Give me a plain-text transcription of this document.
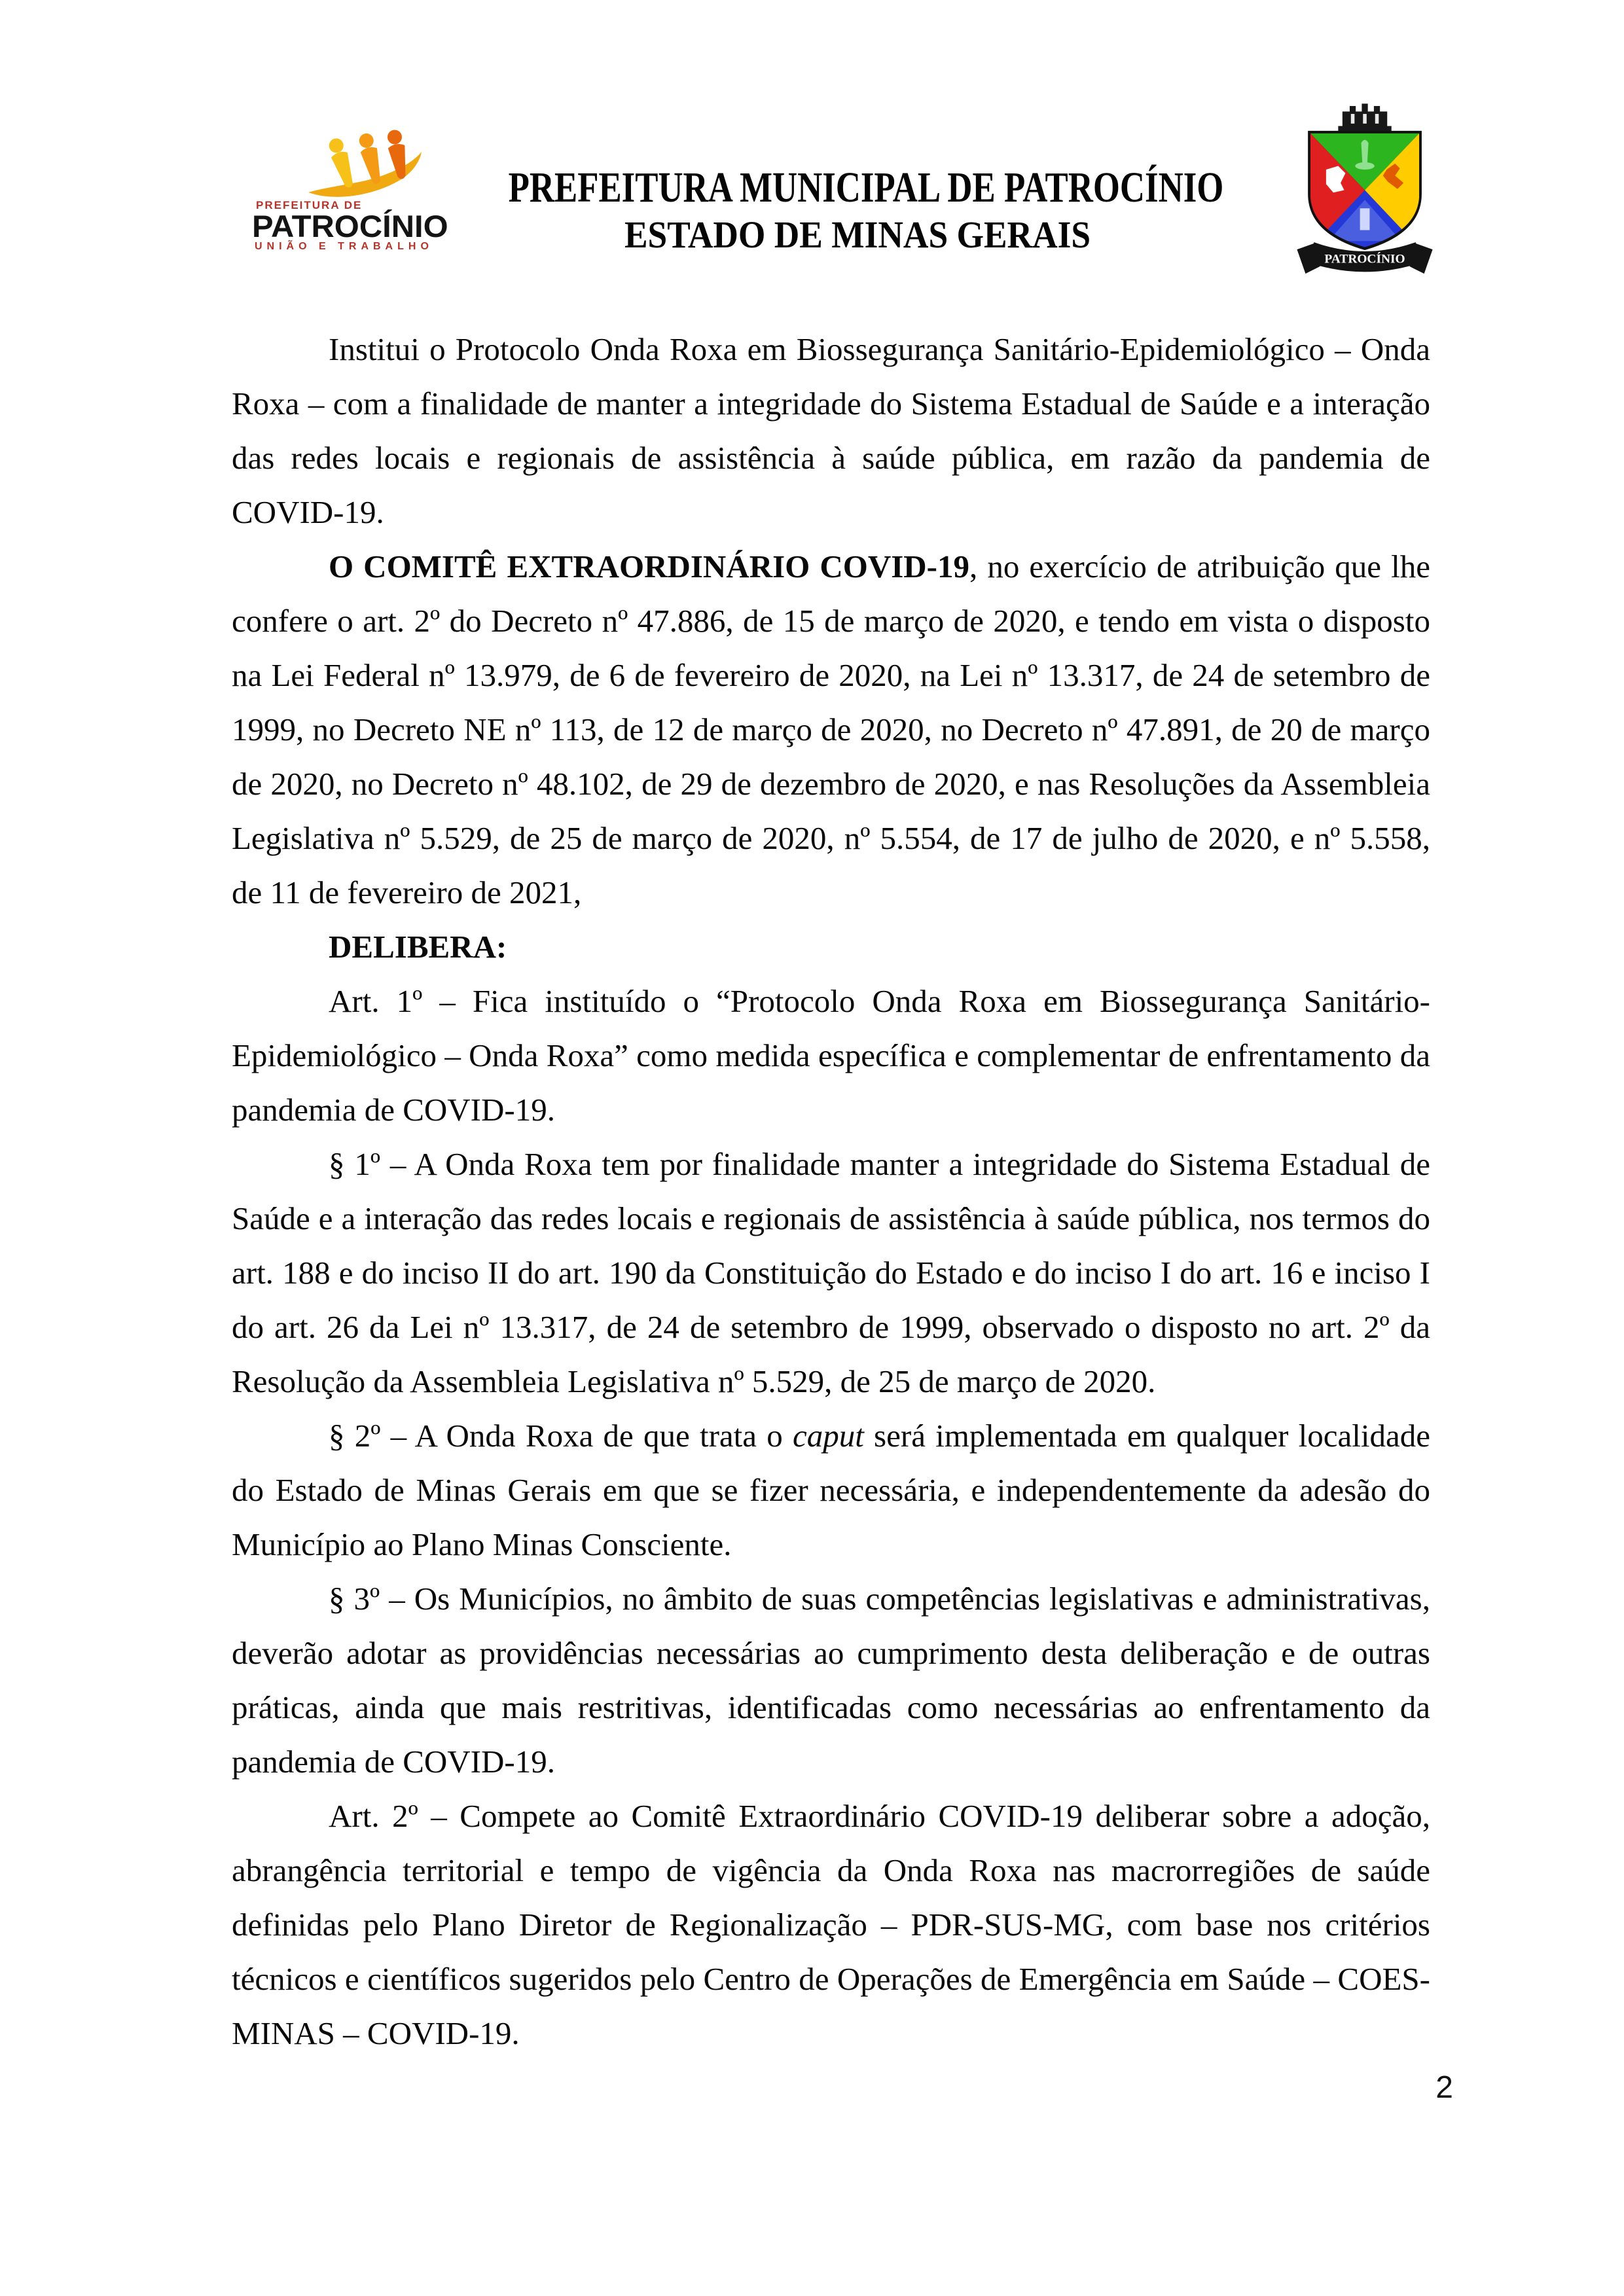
PREFEITURA DE
PATROCÍNIO
UNIÃO E TRABALHO
PREFEITURA MUNICIPAL DE PATROCÍNIO
ESTADO DE MINAS GERAIS
PATROCÍNIO

Institui o Protocolo Onda Roxa em Biossegurança Sanitário-Epidemiológico – Onda Roxa – com a finalidade de manter a integridade do Sistema Estadual de Saúde e a interação das redes locais e regionais de assistência à saúde pública, em razão da pandemia de COVID-19.

O COMITÊ EXTRAORDINÁRIO COVID-19, no exercício de atribuição que lhe confere o art. 2º do Decreto nº 47.886, de 15 de março de 2020, e tendo em vista o disposto na Lei Federal nº 13.979, de 6 de fevereiro de 2020, na Lei nº 13.317, de 24 de setembro de 1999, no Decreto NE nº 113, de 12 de março de 2020, no Decreto nº 47.891, de 20 de março de 2020, no Decreto nº 48.102, de 29 de dezembro de 2020, e nas Resoluções da Assembleia Legislativa nº 5.529, de 25 de março de 2020, nº 5.554, de 17 de julho de 2020, e nº 5.558, de 11 de fevereiro de 2021,

DELIBERA:

Art. 1º – Fica instituído o “Protocolo Onda Roxa em Biossegurança Sanitário-Epidemiológico – Onda Roxa” como medida específica e complementar de enfrentamento da pandemia de COVID-19.

§ 1º – A Onda Roxa tem por finalidade manter a integridade do Sistema Estadual de Saúde e a interação das redes locais e regionais de assistência à saúde pública, nos termos do art. 188 e do inciso II do art. 190 da Constituição do Estado e do inciso I do art. 16 e inciso I do art. 26 da Lei nº 13.317, de 24 de setembro de 1999, observado o disposto no art. 2º da Resolução da Assembleia Legislativa nº 5.529, de 25 de março de 2020.

§ 2º – A Onda Roxa de que trata o caput será implementada em qualquer localidade do Estado de Minas Gerais em que se fizer necessária, e independentemente da adesão do Município ao Plano Minas Consciente.

§ 3º – Os Municípios, no âmbito de suas competências legislativas e administrativas, deverão adotar as providências necessárias ao cumprimento desta deliberação e de outras práticas, ainda que mais restritivas, identificadas como necessárias ao enfrentamento da pandemia de COVID-19.

Art. 2º – Compete ao Comitê Extraordinário COVID-19 deliberar sobre a adoção, abrangência territorial e tempo de vigência da Onda Roxa nas macrorregiões de saúde definidas pelo Plano Diretor de Regionalização – PDR-SUS-MG, com base nos critérios técnicos e científicos sugeridos pelo Centro de Operações de Emergência em Saúde – COES-MINAS – COVID-19.

2
